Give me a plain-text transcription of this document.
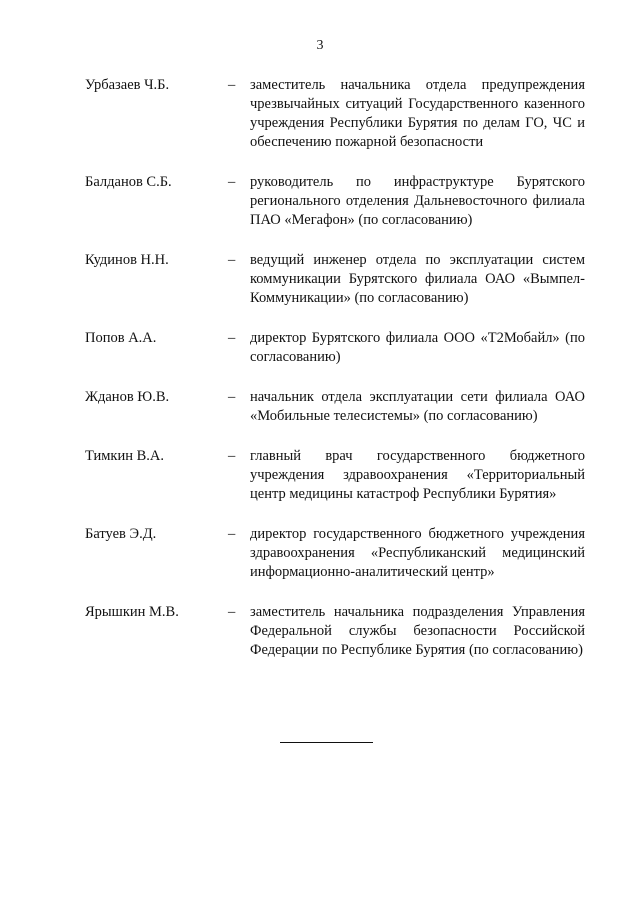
3
Урбазаев Ч.Б.	–	заместитель начальника отдела предупреждения чрезвычайных ситуаций Государственного казенного учреждения Республики Бурятия по делам ГО, ЧС и обеспечению пожарной безопасности
Балданов С.Б.	–	руководитель по инфраструктуре Бурятского регионального отделения Дальневосточного филиала ПАО «Мегафон» (по согласованию)
Кудинов Н.Н.	–	ведущий инженер отдела по эксплуатации систем коммуникации Бурятского филиала ОАО «Вымпел-Коммуникации» (по согласованию)
Попов А.А.	–	директор Бурятского филиала ООО «Т2Мобайл» (по согласованию)
Жданов Ю.В.	–	начальник отдела эксплуатации сети филиала ОАО «Мобильные телесистемы» (по согласованию)
Тимкин В.А.	–	главный врач государственного бюджетного учреждения здравоохранения «Территориальный центр медицины катастроф Республики Бурятия»
Батуев Э.Д.	–	директор государственного бюджетного учреждения здравоохранения «Республиканский медицинский информационно-аналитический центр»
Ярышкин М.В.	–	заместитель начальника подразделения Управления Федеральной службы безопасности Российской Федерации по Республике Бурятия (по согласованию)
